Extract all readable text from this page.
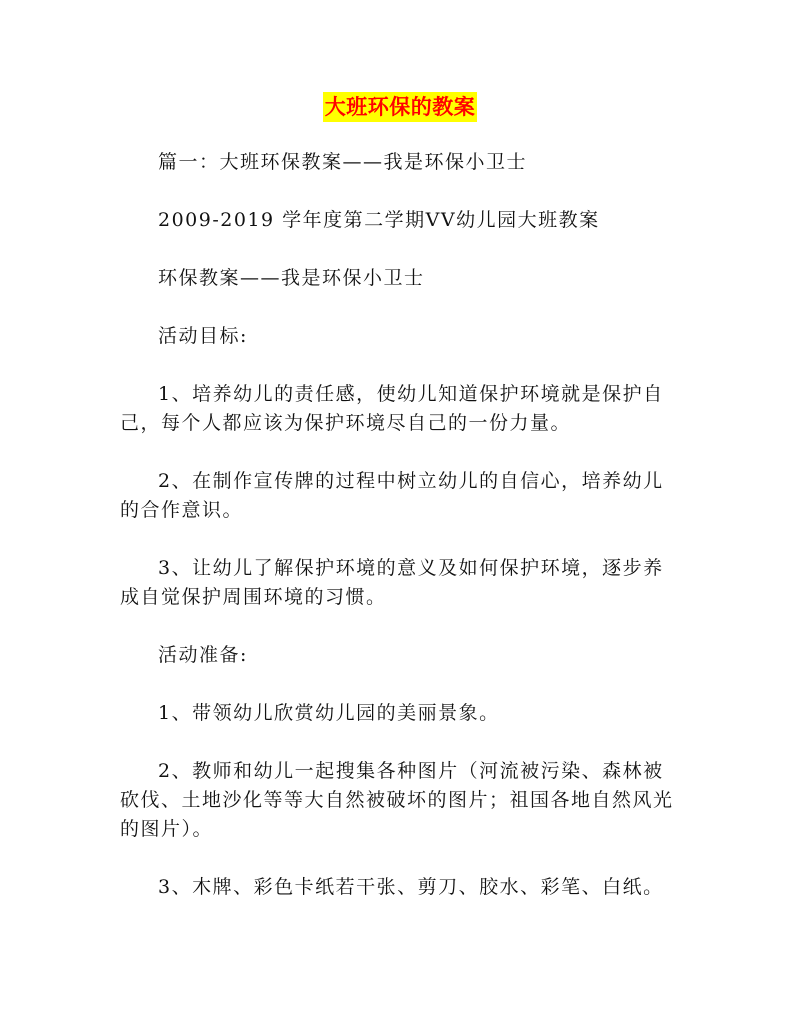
大班环保的教案

篇一：大班环保教案——我是环保小卫士

2009-2019 学年度第二学期VV幼儿园大班教案

环保教案——我是环保小卫士

活动目标:

1、培养幼儿的责任感，使幼儿知道保护环境就是保护自己，每个人都应该为保护环境尽自己的一份力量。

2、在制作宣传牌的过程中树立幼儿的自信心，培养幼儿的合作意识。

3、让幼儿了解保护环境的意义及如何保护环境，逐步养成自觉保护周围环境的习惯。

活动准备:

1、带领幼儿欣赏幼儿园的美丽景象。

2、教师和幼儿一起搜集各种图片（河流被污染、森林被砍伐、土地沙化等等大自然被破坏的图片；祖国各地自然风光的图片）。

3、木牌、彩色卡纸若干张、剪刀、胶水、彩笔、白纸。
